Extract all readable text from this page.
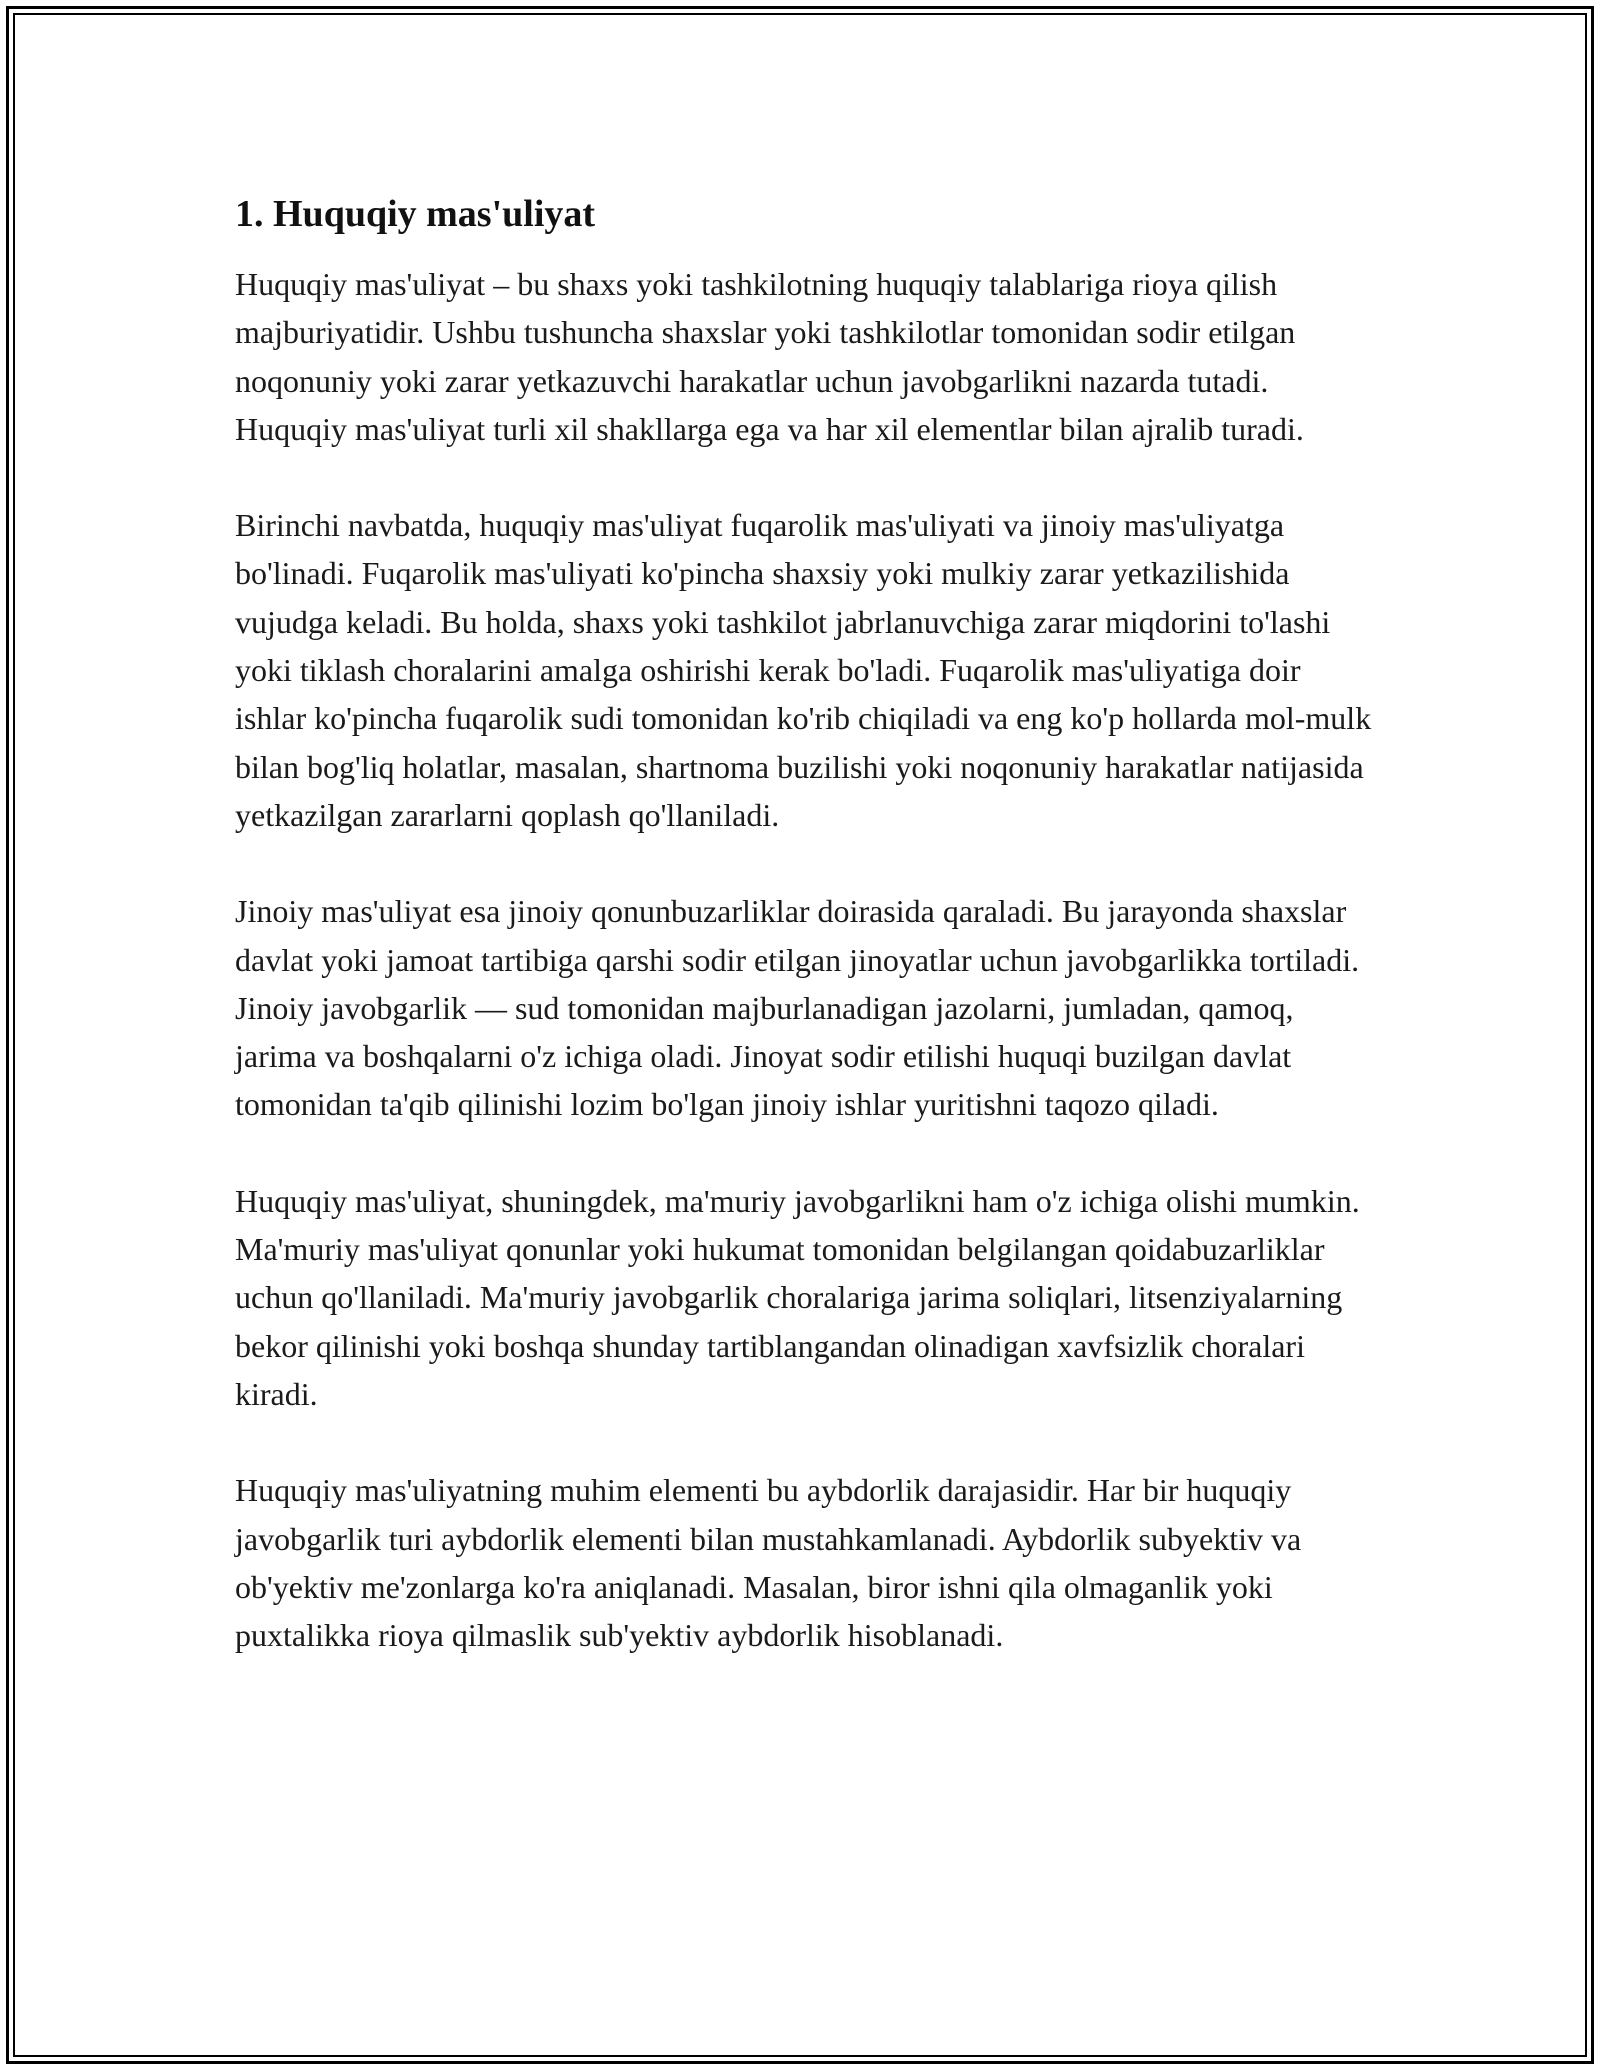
1. Huquqiy mas'uliyat

Huquqiy mas'uliyat – bu shaxs yoki tashkilotning huquqiy talablariga rioya qilish majburiyatidir. Ushbu tushuncha shaxslar yoki tashkilotlar tomonidan sodir etilgan noqonuniy yoki zarar yetkazuvchi harakatlar uchun javobgarlikni nazarda tutadi. Huquqiy mas'uliyat turli xil shakllarga ega va har xil elementlar bilan ajralib turadi.

Birinchi navbatda, huquqiy mas'uliyat fuqarolik mas'uliyati va jinoiy mas'uliyatga bo'linadi. Fuqarolik mas'uliyati ko'pincha shaxsiy yoki mulkiy zarar yetkazilishida vujudga keladi. Bu holda, shaxs yoki tashkilot jabrlanuvchiga zarar miqdorini to'lashi yoki tiklash choralarini amalga oshirishi kerak bo'ladi. Fuqarolik mas'uliyatiga doir ishlar ko'pincha fuqarolik sudi tomonidan ko'rib chiqiladi va eng ko'p hollarda mol-mulk bilan bog'liq holatlar, masalan, shartnoma buzilishi yoki noqonuniy harakatlar natijasida yetkazilgan zararlarni qoplash qo'llaniladi.

Jinoiy mas'uliyat esa jinoiy qonunbuzarliklar doirasida qaraladi. Bu jarayonda shaxslar davlat yoki jamoat tartibiga qarshi sodir etilgan jinoyatlar uchun javobgarlikka tortiladi. Jinoiy javobgarlik — sud tomonidan majburlanadigan jazolarni, jumladan, qamoq, jarima va boshqalarni o'z ichiga oladi. Jinoyat sodir etilishi huquqi buzilgan davlat tomonidan ta'qib qilinishi lozim bo'lgan jinoiy ishlar yuritishni taqozo qiladi.

Huquqiy mas'uliyat, shuningdek, ma'muriy javobgarlikni ham o'z ichiga olishi mumkin. Ma'muriy mas'uliyat qonunlar yoki hukumat tomonidan belgilangan qoidabuzarliklar uchun qo'llaniladi. Ma'muriy javobgarlik choralariga jarima soliqlari, litsenziyalarning bekor qilinishi yoki boshqa shunday tartiblangandan olinadigan xavfsizlik choralari kiradi.

Huquqiy mas'uliyatning muhim elementi bu aybdorlik darajasidir. Har bir huquqiy javobgarlik turi aybdorlik elementi bilan mustahkamlanadi. Aybdorlik subyektiv va ob'yektiv me'zonlarga ko'ra aniqlanadi. Masalan, biror ishni qila olmaganlik yoki puxtalikka rioya qilmaslik sub'yektiv aybdorlik hisoblanadi.
